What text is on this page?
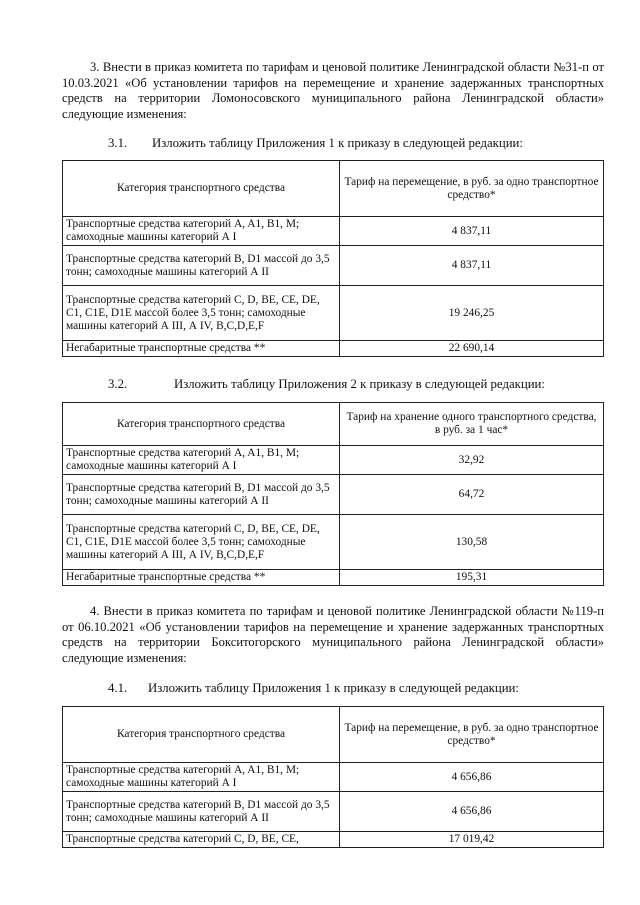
3. Внести в приказ комитета по тарифам и ценовой политике Ленинградской области №31-п от 10.03.2021 «Об установлении тарифов на перемещение и хранение задержанных транспортных средств на территории Ломоносовского муниципального района Ленинградской области» следующие изменения:
3.1. Изложить таблицу Приложения 1 к приказу в следующей редакции:
Категория транспортного средства	Тариф на перемещение, в руб. за одно транспортное средство*
Транспортные средства категорий A, A1, B1, M; самоходные машины категорий А I	4 837,11
Транспортные средства категорий B, D1 массой до 3,5 тонн; самоходные машины категорий А II	4 837,11
Транспортные средства категорий C, D, BE, CE, DE, C1, C1E, D1E массой более 3,5 тонн; самоходные машины категорий А III, А IV, B,C,D,E,F	19 246,25
Негабаритные транспортные средства **	22 690,14
3.2.	Изложить таблицу Приложения 2 к приказу в следующей редакции:
Категория транспортного средства	Тариф на хранение одного транспортного средства, в руб. за 1 час*
Транспортные средства категорий A, A1, B1, M; самоходные машины категорий А I	32,92
Транспортные средства категорий B, D1 массой до 3,5 тонн; самоходные машины категорий А II	64,72
Транспортные средства категорий C, D, BE, CE, DE, C1, C1E, D1E массой более 3,5 тонн; самоходные машины категорий А III, А IV, B,C,D,E,F	130,58
Негабаритные транспортные средства **	195,31
4. Внести в приказ комитета по тарифам и ценовой политике Ленинградской области №119-п от 06.10.2021 «Об установлении тарифов на перемещение и хранение задержанных транспортных средств на территории Бокситогорского муниципального района Ленинградской области» следующие изменения:
4.1. Изложить таблицу Приложения 1 к приказу в следующей редакции:
Категория транспортного средства	Тариф на перемещение, в руб. за одно транспортное средство*
Транспортные средства категорий A, A1, B1, M; самоходные машины категорий А I	4 656,86
Транспортные средства категорий B, D1 массой до 3,5 тонн; самоходные машины категорий А II	4 656,86
Транспортные средства категорий C, D, BE, CE,	17 019,42
